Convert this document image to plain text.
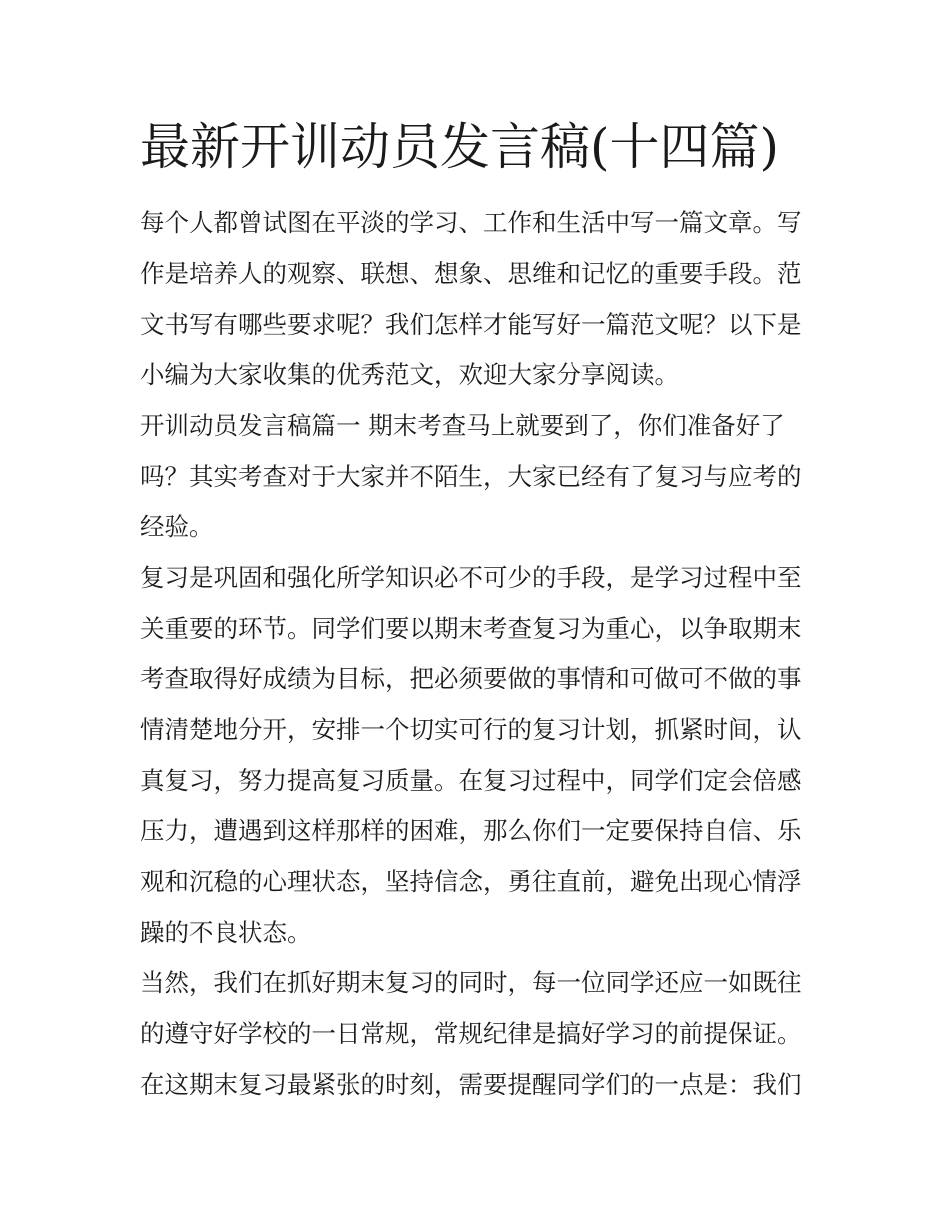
最新开训动员发言稿(十四篇)

每个人都曾试图在平淡的学习、工作和生活中写一篇文章。写

作是培养人的观察、联想、想象、思维和记忆的重要手段。范

文书写有哪些要求呢？我们怎样才能写好一篇范文呢？以下是

小编为大家收集的优秀范文，欢迎大家分享阅读。

开训动员发言稿篇一 期末考查马上就要到了，你们准备好了

吗？其实考查对于大家并不陌生，大家已经有了复习与应考的

经验。

复习是巩固和强化所学知识必不可少的手段，是学习过程中至

关重要的环节。同学们要以期末考查复习为重心，以争取期末

考查取得好成绩为目标，把必须要做的事情和可做可不做的事

情清楚地分开，安排一个切实可行的复习计划，抓紧时间，认

真复习，努力提高复习质量。在复习过程中，同学们定会倍感

压力，遭遇到这样那样的困难，那么你们一定要保持自信、乐

观和沉稳的心理状态，坚持信念，勇往直前，避免出现心情浮

躁的不良状态。

当然，我们在抓好期末复习的同时，每一位同学还应一如既往

的遵守好学校的一日常规，常规纪律是搞好学习的前提保证。

在这期末复习最紧张的时刻，需要提醒同学们的一点是：我们
